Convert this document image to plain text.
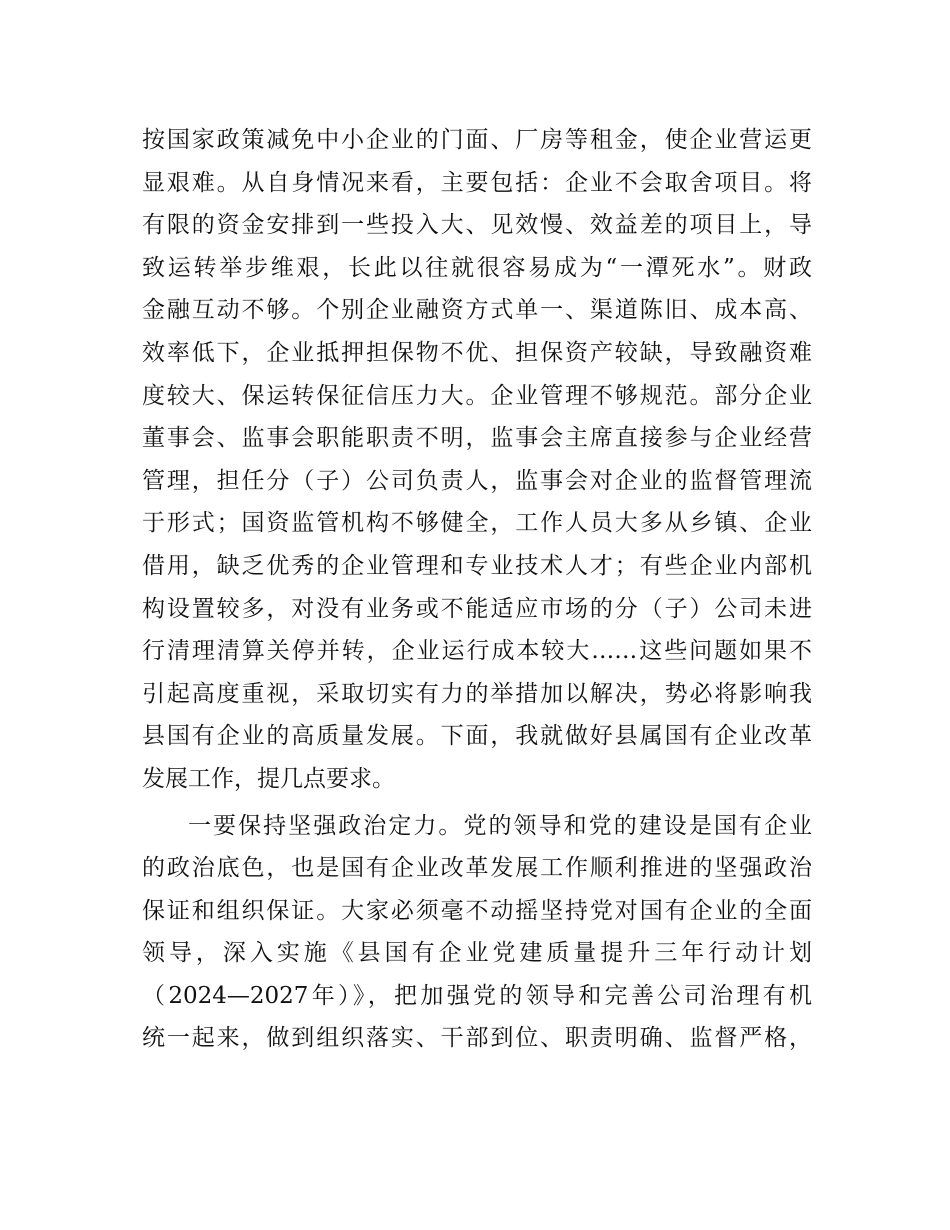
按国家政策减免中小企业的门面、厂房等租金，使企业营运更
显艰难。从自身情况来看，主要包括：企业不会取舍项目。将
有限的资金安排到一些投入大、见效慢、效益差的项目上，导
致运转举步维艰，长此以往就很容易成为“一潭死水”。财政
金融互动不够。个别企业融资方式单一、渠道陈旧、成本高、
效率低下，企业抵押担保物不优、担保资产较缺，导致融资难
度较大、保运转保征信压力大。企业管理不够规范。部分企业
董事会、监事会职能职责不明，监事会主席直接参与企业经营
管理，担任分（子）公司负责人，监事会对企业的监督管理流
于形式；国资监管机构不够健全，工作人员大多从乡镇、企业
借用，缺乏优秀的企业管理和专业技术人才；有些企业内部机
构设置较多，对没有业务或不能适应市场的分（子）公司未进
行清理清算关停并转，企业运行成本较大……这些问题如果不
引起高度重视，采取切实有力的举措加以解决，势必将影响我
县国有企业的高质量发展。下面，我就做好县属国有企业改革
发展工作，提几点要求。
一要保持坚强政治定力。党的领导和党的建设是国有企业
的政治底色，也是国有企业改革发展工作顺利推进的坚强政治
保证和组织保证。大家必须毫不动摇坚持党对国有企业的全面
领导，深入实施《县国有企业党建质量提升三年行动计划
（2024—2027年）》，把加强党的领导和完善公司治理有机
统一起来，做到组织落实、干部到位、职责明确、监督严格，
